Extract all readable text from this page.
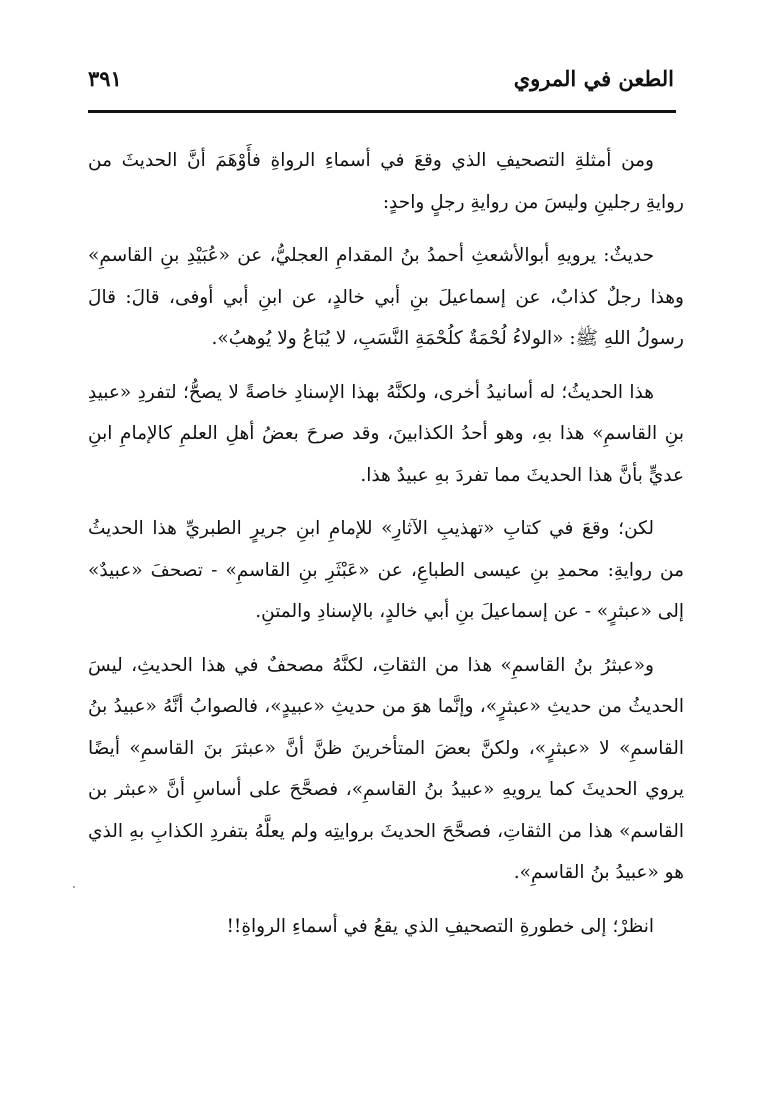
الطعن في المروي
٣٩١

ومن أمثلةِ التصحيفِ الذي وقعَ في أسماءِ الرواةِ فأَوْهَمَ أنَّ الحديثَ من روايةِ رجلينِ وليسَ من روايةِ رجلٍ واحدٍ:

حديثٌ: يرويهِ أبوالأشعثِ أحمدُ بنُ المقدامِ العجليُّ، عن «عُبَيْدِ بنِ القاسمِ» وهذا رجلٌ كذابٌ، عن إسماعيلَ بنِ أبي خالدٍ، عن ابنِ أبي أوفى، قالَ: قالَ رسولُ اللهِ ﷺ: «الولاءُ لُحْمَةٌ كلُحْمَةِ النَّسَبِ، لا يُبَاعُ ولا يُوهبُ».

هذا الحديثُ؛ له أسانيدُ أخرى، ولكنَّهُ بهذا الإسنادِ خاصةً لا يصحُّ؛ لتفردِ «عبيدِ بنِ القاسمِ» هذا بهِ، وهو أحدُ الكذابينَ، وقد صرحَ بعضُ أهلِ العلمِ كالإمامِ ابنِ عديٍّ بأنَّ هذا الحديثَ مما تفردَ بهِ عبيدٌ هذا.

لكن؛ وقعَ في كتابِ «تهذيبِ الآثارِ» للإمامِ ابنِ جريرٍ الطبريِّ هذا الحديثُ من روايةِ: محمدِ بنِ عيسى الطباعِ، عن «عَبْثَرِ بنِ القاسمِ» - تصحفَ «عبيدٌ» إلى «عبثرٍ» - عن إسماعيلَ بنِ أبي خالدٍ، بالإسنادِ والمتنِ.

و«عبثرُ بنُ القاسمِ» هذا من الثقاتِ، لكنَّهُ مصحفٌ في هذا الحديثِ، ليسَ الحديثُ من حديثِ «عبثرٍ»، وإنَّما هوَ من حديثِ «عبيدٍ»، فالصوابُ أنَّهُ «عبيدُ بنُ القاسمِ» لا «عبثرٍ»، ولكنَّ بعضَ المتأخرينَ ظنَّ أنَّ «عبثرَ بنَ القاسمِ» أيضًا يروي الحديثَ كما يرويهِ «عبيدُ بنُ القاسمِ»، فصحَّحَ على أساسِ أنَّ «عبثر بن القاسم» هذا من الثقاتِ، فصحَّحَ الحديثَ بروايتِه ولم يعلَّهُ بتفردِ الكذابِ بهِ الذي هو «عبيدُ بنُ القاسمِ».

انظرْ؛ إلى خطورةِ التصحيفِ الذي يقعُ في أسماءِ الرواةِ!!
